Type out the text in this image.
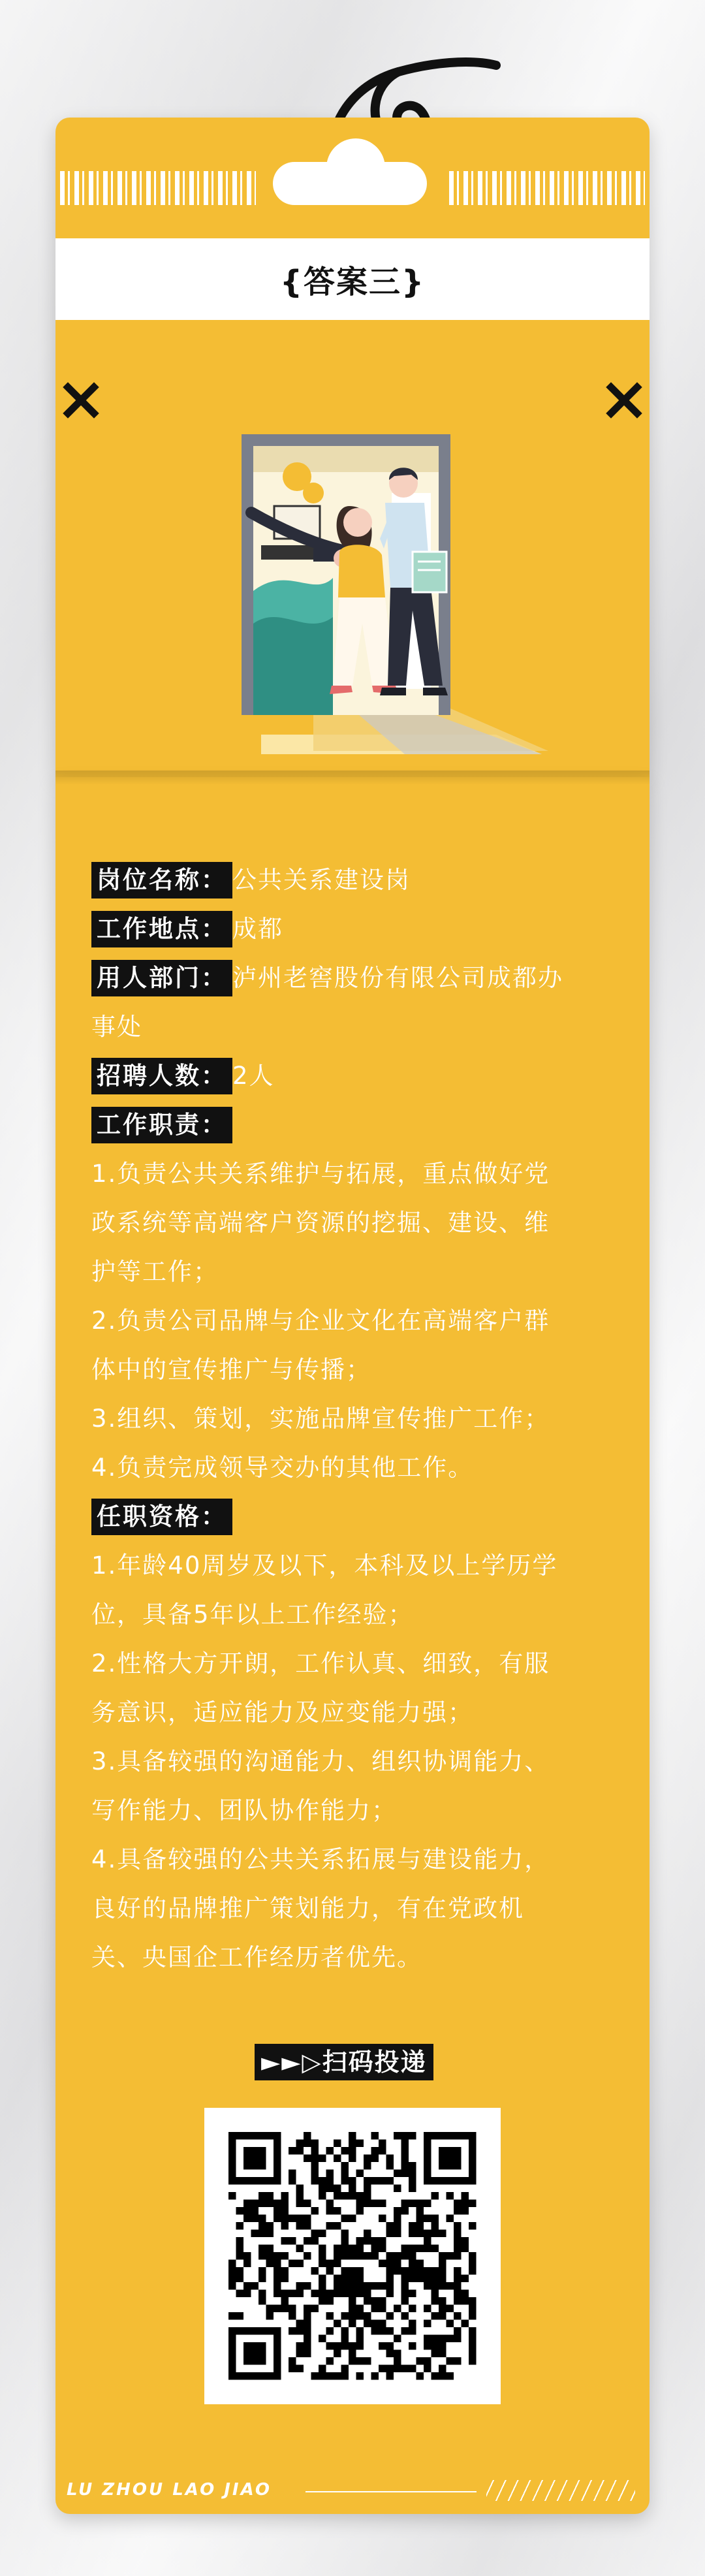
{答案三}
岗位名称： 公共关系建设岗
工作地点： 成都
用人部门： 泸州老窖股份有限公司成都办
事处
招聘人数： 2人
工作职责：
1.负责公共关系维护与拓展，重点做好党
政系统等高端客户资源的挖掘、建设、维
护等工作；
2.负责公司品牌与企业文化在高端客户群
体中的宣传推广与传播；
3.组织、策划，实施品牌宣传推广工作；
4.负责完成领导交办的其他工作。
任职资格：
1.年龄40周岁及以下，本科及以上学历学
位，具备5年以上工作经验；
2.性格大方开朗，工作认真、细致，有服
务意识，适应能力及应变能力强；
3.具备较强的沟通能力、组织协调能力、
写作能力、团队协作能力；
4.具备较强的公共关系拓展与建设能力，
良好的品牌推广策划能力，有在党政机
关、央国企工作经历者优先。
►►▷扫码投递
LU ZHOU LAO JIAO
